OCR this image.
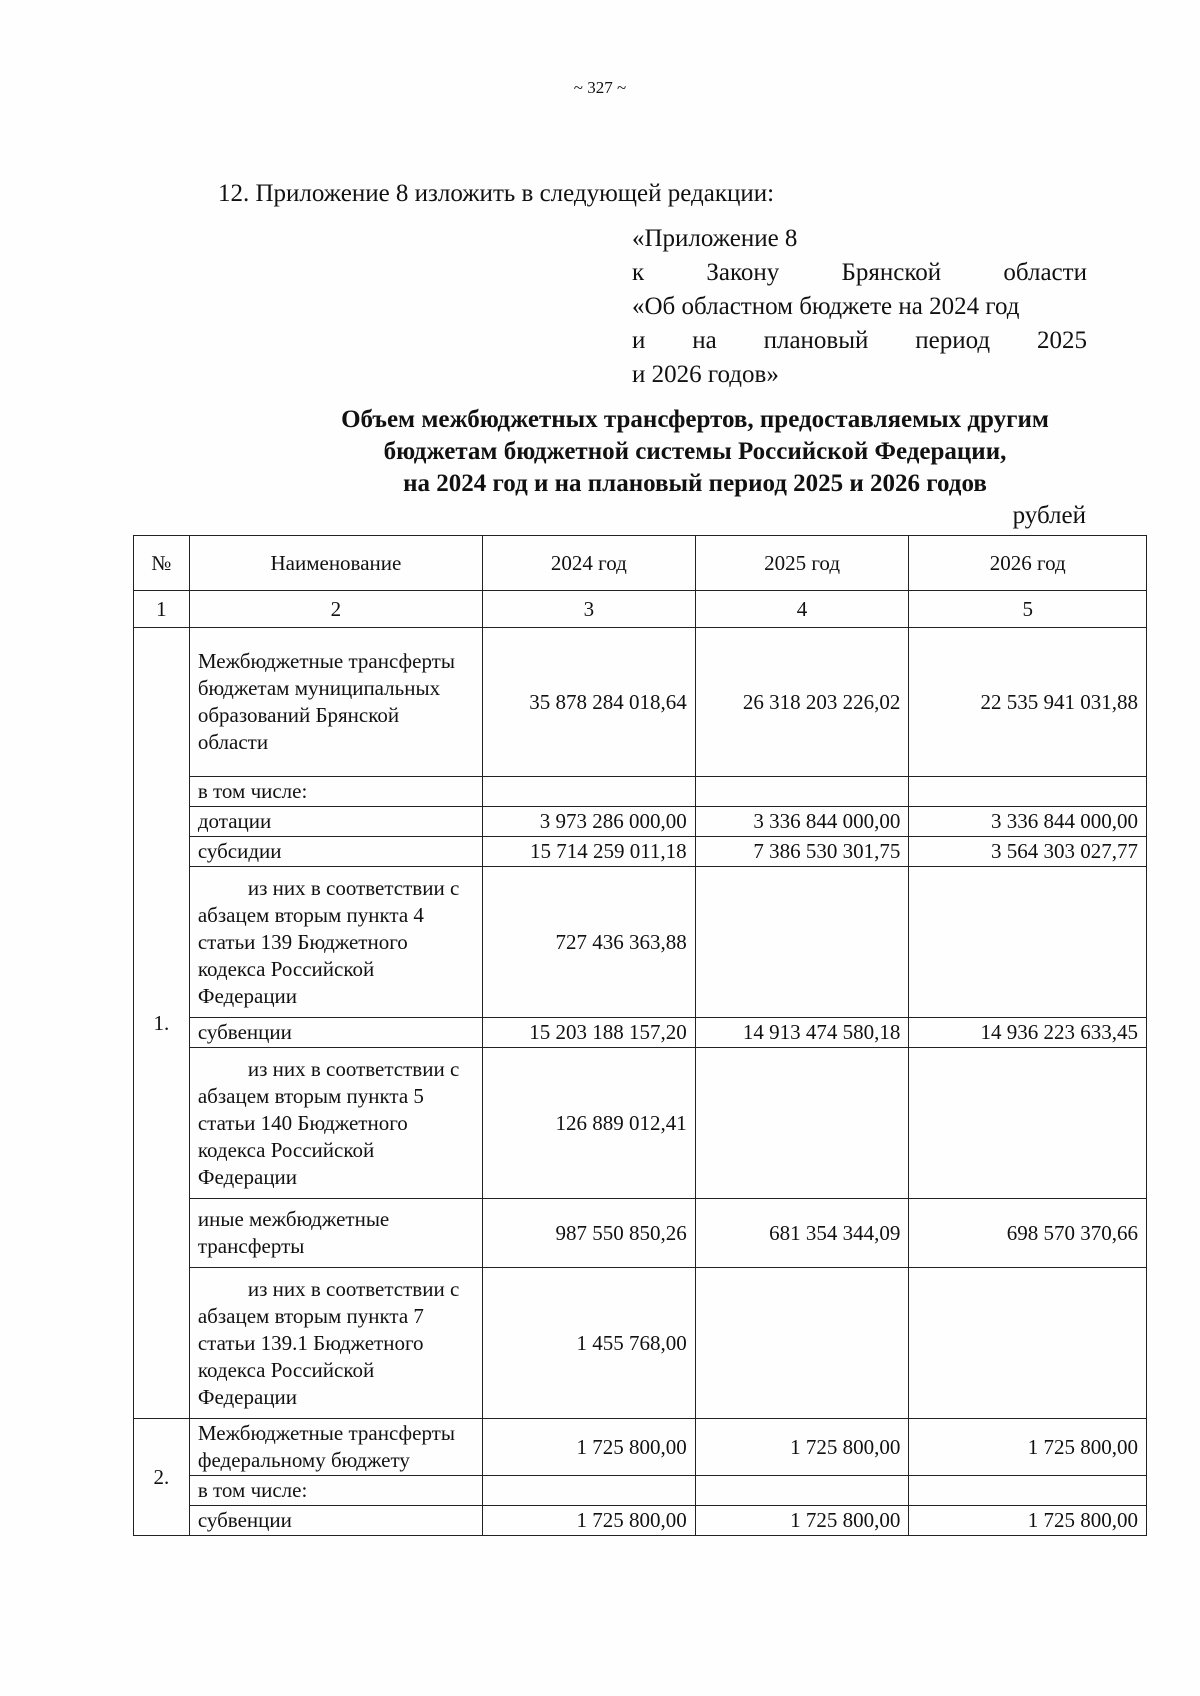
~ 327 ~
12. Приложение 8 изложить в следующей редакции:
«Приложение 8
к Закону Брянской области
«Об областном бюджете на 2024 год
и на плановый период 2025
и 2026 годов»
Объем межбюджетных трансфертов, предоставляемых другим
бюджетам бюджетной системы Российской Федерации,
на 2024 год и на плановый период 2025 и 2026 годов
рублей
№	Наименование	2024 год	2025 год	2026 год
1	2	3	4	5
1.	Межбюджетные трансферты бюджетам муниципальных образований Брянской области	35 878 284 018,64	26 318 203 226,02	22 535 941 031,88
	в том числе:			
	дотации	3 973 286 000,00	3 336 844 000,00	3 336 844 000,00
	субсидии	15 714 259 011,18	7 386 530 301,75	3 564 303 027,77
	из них в соответствии с абзацем вторым пункта 4 статьи 139 Бюджетного кодекса Российской Федерации	727 436 363,88		
	субвенции	15 203 188 157,20	14 913 474 580,18	14 936 223 633,45
	из них в соответствии с абзацем вторым пункта 5 статьи 140 Бюджетного кодекса Российской Федерации	126 889 012,41		
	иные межбюджетные трансферты	987 550 850,26	681 354 344,09	698 570 370,66
	из них в соответствии с абзацем вторым пункта 7 статьи 139.1 Бюджетного кодекса Российской Федерации	1 455 768,00		
2.	Межбюджетные трансферты федеральному бюджету	1 725 800,00	1 725 800,00	1 725 800,00
	в том числе:			
	субвенции	1 725 800,00	1 725 800,00	1 725 800,00
